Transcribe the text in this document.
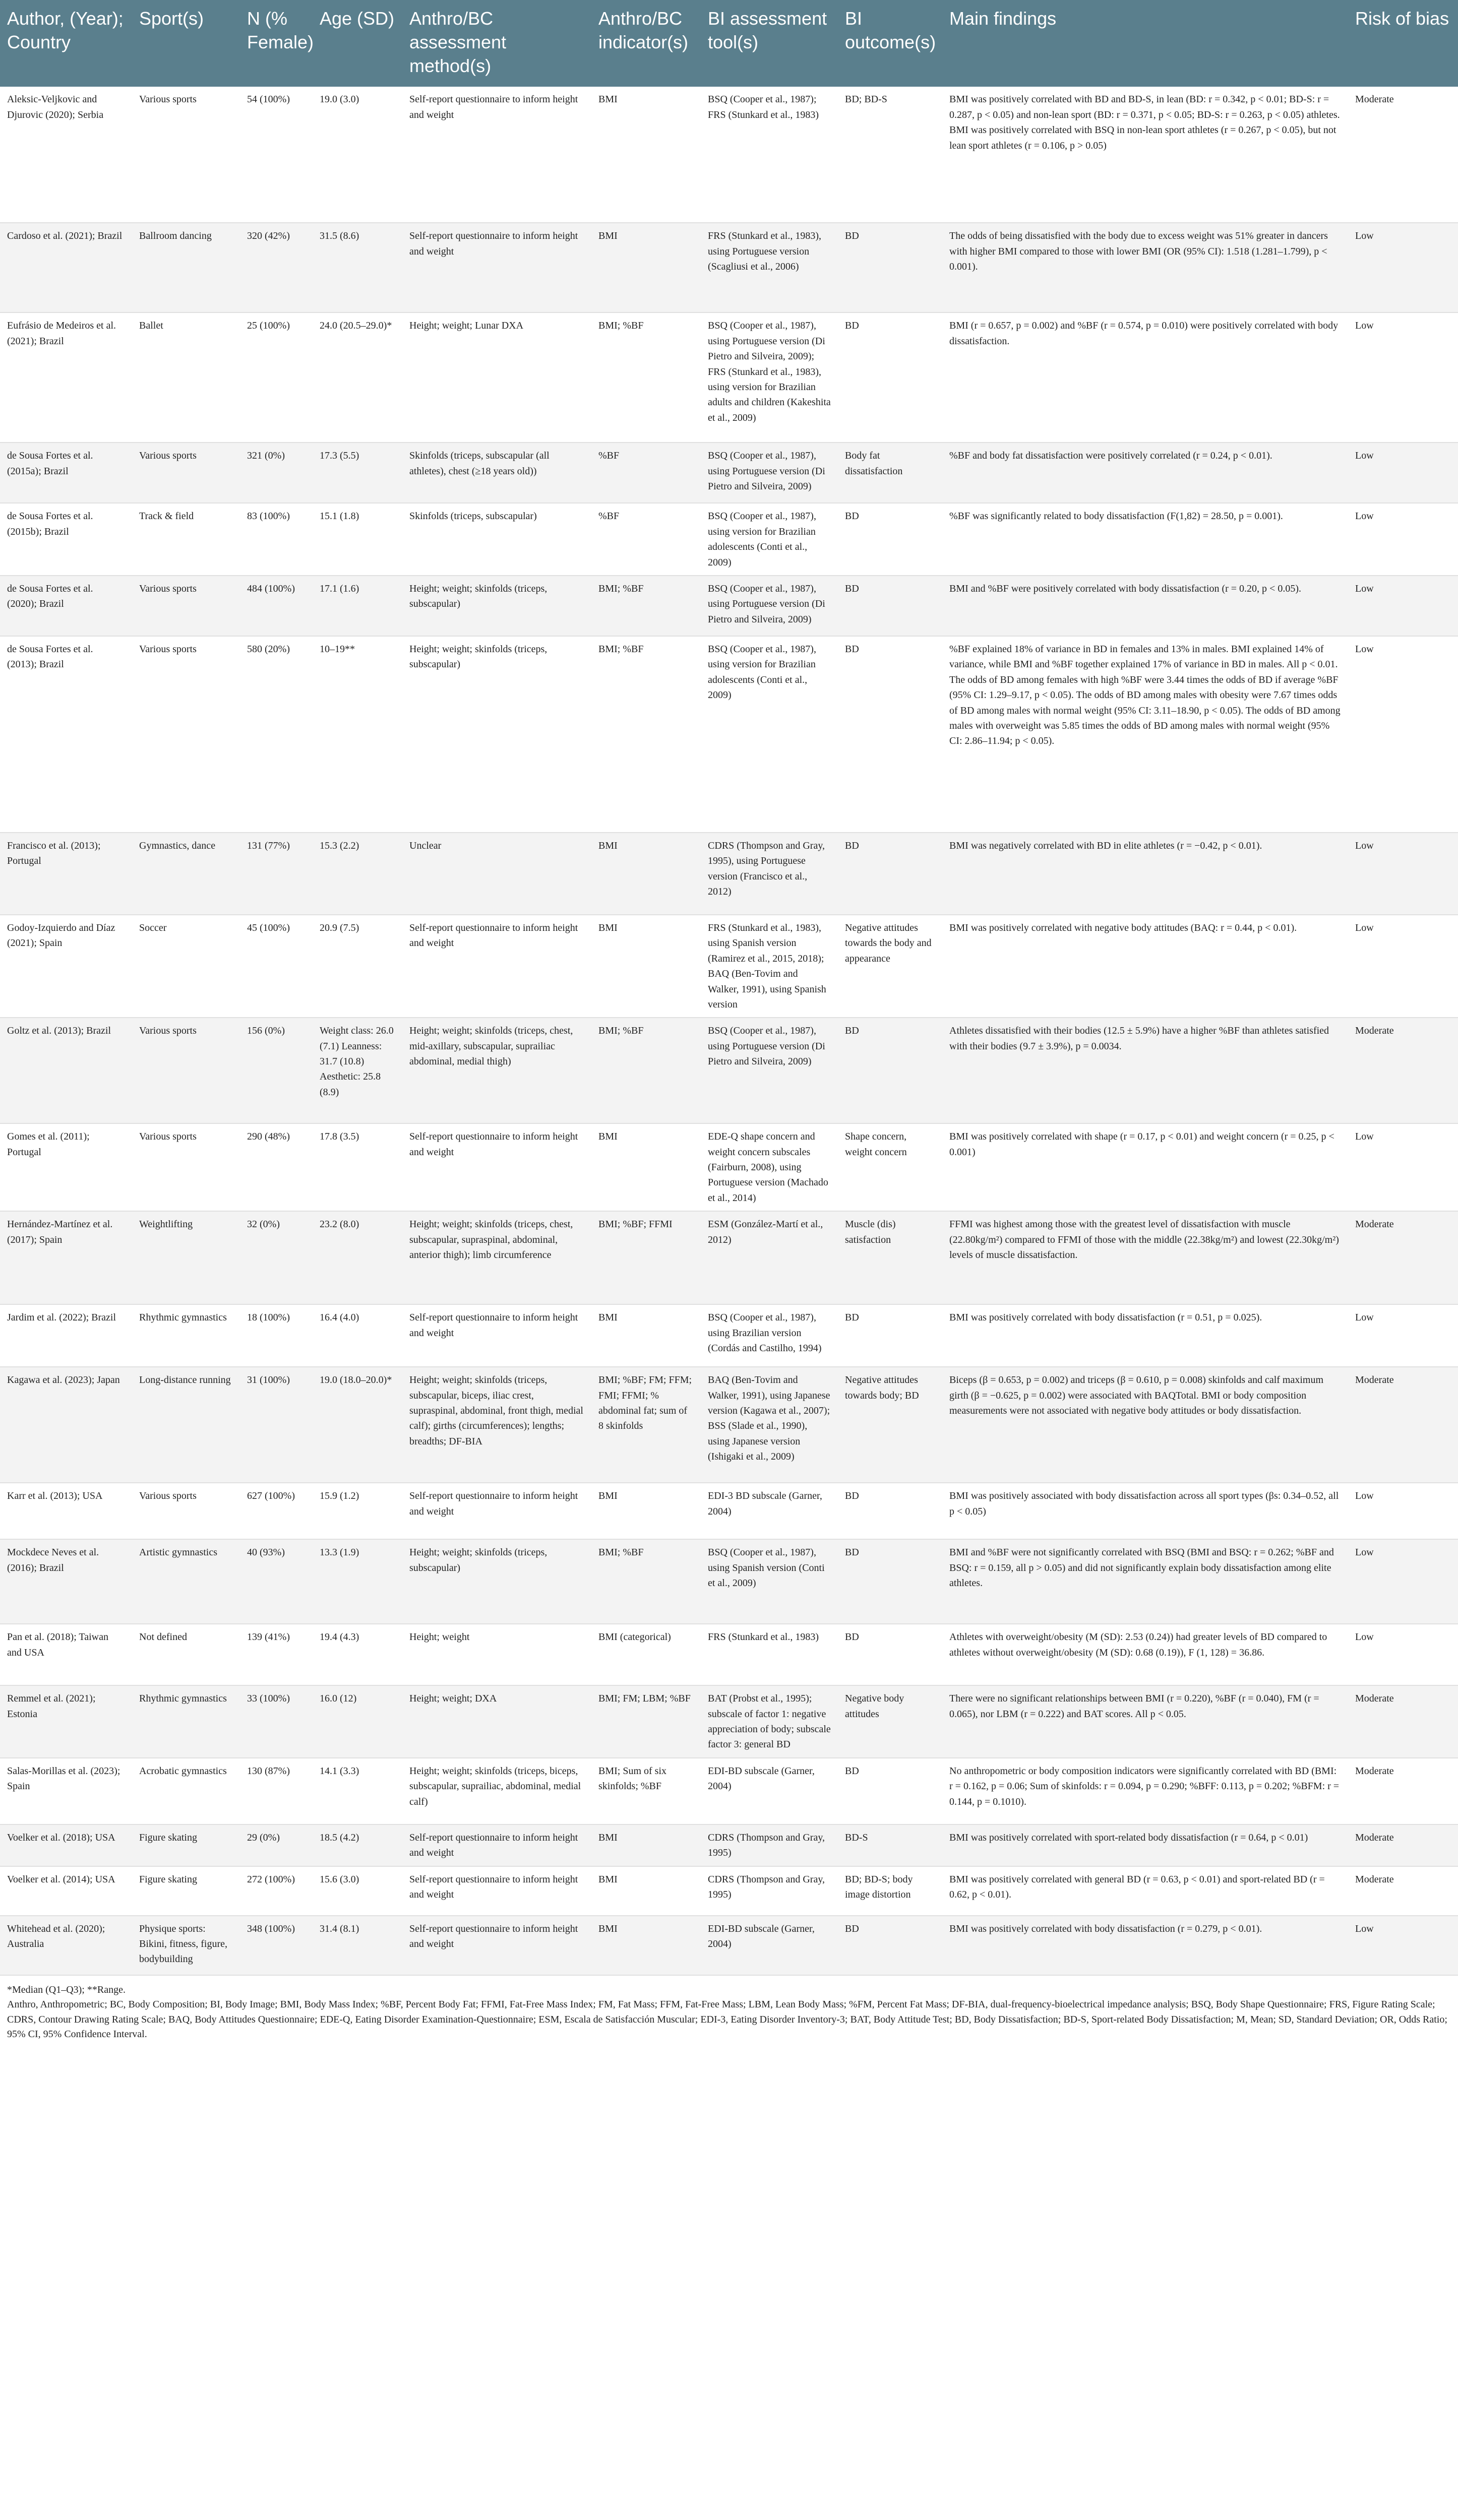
Author, (Year); Country	Sport(s)	N (% Female)	Age (SD)	Anthro/BC assessment method(s)	Anthro/BC indicator(s)	BI assessment tool(s)	BI outcome(s)	Main findings	Risk of bias
Aleksic-Veljkovic and Djurovic (2020); Serbia	Various sports	54 (100%)	19.0 (3.0)	Self-report questionnaire to inform height and weight	BMI	BSQ (Cooper et al., 1987); FRS (Stunkard et al., 1983)	BD; BD-S	BMI was positively correlated with BD and BD-S, in lean (BD: r = 0.342, p < 0.01; BD-S: r = 0.287, p < 0.05) and non-lean sport (BD: r = 0.371, p < 0.05; BD-S: r = 0.263, p < 0.05) athletes. BMI was positively correlated with BSQ in non-lean sport athletes (r = 0.267, p < 0.05), but not lean sport athletes (r = 0.106, p > 0.05)	Moderate
Cardoso et al. (2021); Brazil	Ballroom dancing	320 (42%)	31.5 (8.6)	Self-report questionnaire to inform height and weight	BMI	FRS (Stunkard et al., 1983), using Portuguese version (Scagliusi et al., 2006)	BD	The odds of being dissatisfied with the body due to excess weight was 51% greater in dancers with higher BMI compared to those with lower BMI (OR (95% CI): 1.518 (1.281–1.799), p < 0.001).	Low
Eufrásio de Medeiros et al. (2021); Brazil	Ballet	25 (100%)	24.0 (20.5–29.0)*	Height; weight; Lunar DXA	BMI; %BF	BSQ (Cooper et al., 1987), using Portuguese version (Di Pietro and Silveira, 2009); FRS (Stunkard et al., 1983), using version for Brazilian adults and children (Kakeshita et al., 2009)	BD	BMI (r = 0.657, p = 0.002) and %BF (r = 0.574, p = 0.010) were positively correlated with body dissatisfaction.	Low
de Sousa Fortes et al. (2015a); Brazil	Various sports	321 (0%)	17.3 (5.5)	Skinfolds (triceps, subscapular (all athletes), chest (≥18 years old))	%BF	BSQ (Cooper et al., 1987), using Portuguese version (Di Pietro and Silveira, 2009)	Body fat dissatisfaction	%BF and body fat dissatisfaction were positively correlated (r = 0.24, p < 0.01).	Low
de Sousa Fortes et al. (2015b); Brazil	Track & field	83 (100%)	15.1 (1.8)	Skinfolds (triceps, subscapular)	%BF	BSQ (Cooper et al., 1987), using version for Brazilian adolescents (Conti et al., 2009)	BD	%BF was significantly related to body dissatisfaction (F(1,82) = 28.50, p = 0.001).	Low
de Sousa Fortes et al. (2020); Brazil	Various sports	484 (100%)	17.1 (1.6)	Height; weight; skinfolds (triceps, subscapular)	BMI; %BF	BSQ (Cooper et al., 1987), using Portuguese version (Di Pietro and Silveira, 2009)	BD	BMI and %BF were positively correlated with body dissatisfaction (r = 0.20, p < 0.05).	Low
de Sousa Fortes et al. (2013); Brazil	Various sports	580 (20%)	10–19**	Height; weight; skinfolds (triceps, subscapular)	BMI; %BF	BSQ (Cooper et al., 1987), using version for Brazilian adolescents (Conti et al., 2009)	BD	%BF explained 18% of variance in BD in females and 13% in males. BMI explained 14% of variance, while BMI and %BF together explained 17% of variance in BD in males. All p < 0.01. The odds of BD among females with high %BF were 3.44 times the odds of BD if average %BF (95% CI: 1.29–9.17, p < 0.05). The odds of BD among males with obesity were 7.67 times odds of BD among males with normal weight (95% CI: 3.11–18.90, p < 0.05). The odds of BD among males with overweight was 5.85 times the odds of BD among males with normal weight (95% CI: 2.86–11.94; p < 0.05).	Low
Francisco et al. (2013); Portugal	Gymnastics, dance	131 (77%)	15.3 (2.2)	Unclear	BMI	CDRS (Thompson and Gray, 1995), using Portuguese version (Francisco et al., 2012)	BD	BMI was negatively correlated with BD in elite athletes (r = −0.42, p < 0.01).	Low
Godoy-Izquierdo and Díaz (2021); Spain	Soccer	45 (100%)	20.9 (7.5)	Self-report questionnaire to inform height and weight	BMI	FRS (Stunkard et al., 1983), using Spanish version (Ramirez et al., 2015, 2018); BAQ (Ben-Tovim and Walker, 1991), using Spanish version	Negative attitudes towards the body and appearance	BMI was positively correlated with negative body attitudes (BAQ: r = 0.44, p < 0.01).	Low
Goltz et al. (2013); Brazil	Various sports	156 (0%)	Weight class: 26.0 (7.1) Leanness: 31.7 (10.8) Aesthetic: 25.8 (8.9)	Height; weight; skinfolds (triceps, chest, mid-axillary, subscapular, suprailiac abdominal, medial thigh)	BMI; %BF	BSQ (Cooper et al., 1987), using Portuguese version (Di Pietro and Silveira, 2009)	BD	Athletes dissatisfied with their bodies (12.5 ± 5.9%) have a higher %BF than athletes satisfied with their bodies (9.7 ± 3.9%), p = 0.0034.	Moderate
Gomes et al. (2011); Portugal	Various sports	290 (48%)	17.8 (3.5)	Self-report questionnaire to inform height and weight	BMI	EDE-Q shape concern and weight concern subscales (Fairburn, 2008), using Portuguese version (Machado et al., 2014)	Shape concern, weight concern	BMI was positively correlated with shape (r = 0.17, p < 0.01) and weight concern (r = 0.25, p < 0.001)	Low
Hernández-Martínez et al. (2017); Spain	Weightlifting	32 (0%)	23.2 (8.0)	Height; weight; skinfolds (triceps, chest, subscapular, supraspinal, abdominal, anterior thigh); limb circumference	BMI; %BF; FFMI	ESM (González-Martí et al., 2012)	Muscle (dis) satisfaction	FFMI was highest among those with the greatest level of dissatisfaction with muscle (22.80kg/m²) compared to FFMI of those with the middle (22.38kg/m²) and lowest (22.30kg/m²) levels of muscle dissatisfaction.	Moderate
Jardim et al. (2022); Brazil	Rhythmic gymnastics	18 (100%)	16.4 (4.0)	Self-report questionnaire to inform height and weight	BMI	BSQ (Cooper et al., 1987), using Brazilian version (Cordás and Castilho, 1994)	BD	BMI was positively correlated with body dissatisfaction (r = 0.51, p = 0.025).	Low
Kagawa et al. (2023); Japan	Long-distance running	31 (100%)	19.0 (18.0–20.0)*	Height; weight; skinfolds (triceps, subscapular, biceps, iliac crest, supraspinal, abdominal, front thigh, medial calf); girths (circumferences); lengths; breadths; DF-BIA	BMI; %BF; FM; FFM; FMI; FFMI; % abdominal fat; sum of 8 skinfolds	BAQ (Ben-Tovim and Walker, 1991), using Japanese version (Kagawa et al., 2007); BSS (Slade et al., 1990), using Japanese version (Ishigaki et al., 2009)	Negative attitudes towards body; BD	Biceps (β = 0.653, p = 0.002) and triceps (β = 0.610, p = 0.008) skinfolds and calf maximum girth (β = −0.625, p = 0.002) were associated with BAQTotal. BMI or body composition measurements were not associated with negative body attitudes or body dissatisfaction.	Moderate
Karr et al. (2013); USA	Various sports	627 (100%)	15.9 (1.2)	Self-report questionnaire to inform height and weight	BMI	EDI-3 BD subscale (Garner, 2004)	BD	BMI was positively associated with body dissatisfaction across all sport types (βs: 0.34–0.52, all p < 0.05)	Low
Mockdece Neves et al. (2016); Brazil	Artistic gymnastics	40 (93%)	13.3 (1.9)	Height; weight; skinfolds (triceps, subscapular)	BMI; %BF	BSQ (Cooper et al., 1987), using Spanish version (Conti et al., 2009)	BD	BMI and %BF were not significantly correlated with BSQ (BMI and BSQ: r = 0.262; %BF and BSQ: r = 0.159, all p > 0.05) and did not significantly explain body dissatisfaction among elite athletes.	Low
Pan et al. (2018); Taiwan and USA	Not defined	139 (41%)	19.4 (4.3)	Height; weight	BMI (categorical)	FRS (Stunkard et al., 1983)	BD	Athletes with overweight/obesity (M (SD): 2.53 (0.24)) had greater levels of BD compared to athletes without overweight/obesity (M (SD): 0.68 (0.19)), F (1, 128) = 36.86.	Low
Remmel et al. (2021); Estonia	Rhythmic gymnastics	33 (100%)	16.0 (12)	Height; weight; DXA	BMI; FM; LBM; %BF	BAT (Probst et al., 1995); subscale of factor 1: negative appreciation of body; subscale factor 3: general BD	Negative body attitudes	There were no significant relationships between BMI (r = 0.220), %BF (r = 0.040), FM (r = 0.065), nor LBM (r = 0.222) and BAT scores. All p < 0.05.	Moderate
Salas-Morillas et al. (2023); Spain	Acrobatic gymnastics	130 (87%)	14.1 (3.3)	Height; weight; skinfolds (triceps, biceps, subscapular, suprailiac, abdominal, medial calf)	BMI; Sum of six skinfolds; %BF	EDI-BD subscale (Garner, 2004)	BD	No anthropometric or body composition indicators were significantly correlated with BD (BMI: r = 0.162, p = 0.06; Sum of skinfolds: r = 0.094, p = 0.290; %BFF: 0.113, p = 0.202; %BFM: r = 0.144, p = 0.1010).	Moderate
Voelker et al. (2018); USA	Figure skating	29 (0%)	18.5 (4.2)	Self-report questionnaire to inform height and weight	BMI	CDRS (Thompson and Gray, 1995)	BD-S	BMI was positively correlated with sport-related body dissatisfaction (r = 0.64, p < 0.01)	Moderate
Voelker et al. (2014); USA	Figure skating	272 (100%)	15.6 (3.0)	Self-report questionnaire to inform height and weight	BMI	CDRS (Thompson and Gray, 1995)	BD; BD-S; body image distortion	BMI was positively correlated with general BD (r = 0.63, p < 0.01) and sport-related BD (r = 0.62, p < 0.01).	Moderate
Whitehead et al. (2020); Australia	Physique sports: Bikini, fitness, figure, bodybuilding	348 (100%)	31.4 (8.1)	Self-report questionnaire to inform height and weight	BMI	EDI-BD subscale (Garner, 2004)	BD	BMI was positively correlated with body dissatisfaction (r = 0.279, p < 0.01).	Low

*Median (Q1–Q3); **Range.

Anthro, Anthropometric; BC, Body Composition; BI, Body Image; BMI, Body Mass Index; %BF, Percent Body Fat; FFMI, Fat-Free Mass Index; FM, Fat Mass; FFM, Fat-Free Mass; LBM, Lean Body Mass; %FM, Percent Fat Mass; DF-BIA, dual-frequency-bioelectrical impedance analysis; BSQ, Body Shape Questionnaire; FRS, Figure Rating Scale; CDRS, Contour Drawing Rating Scale; BAQ, Body Attitudes Questionnaire; EDE-Q, Eating Disorder Examination-Questionnaire; ESM, Escala de Satisfacción Muscular; EDI-3, Eating Disorder Inventory-3; BAT, Body Attitude Test; BD, Body Dissatisfaction; BD-S, Sport-related Body Dissatisfaction; M, Mean; SD, Standard Deviation; OR, Odds Ratio; 95% CI, 95% Confidence Interval.
